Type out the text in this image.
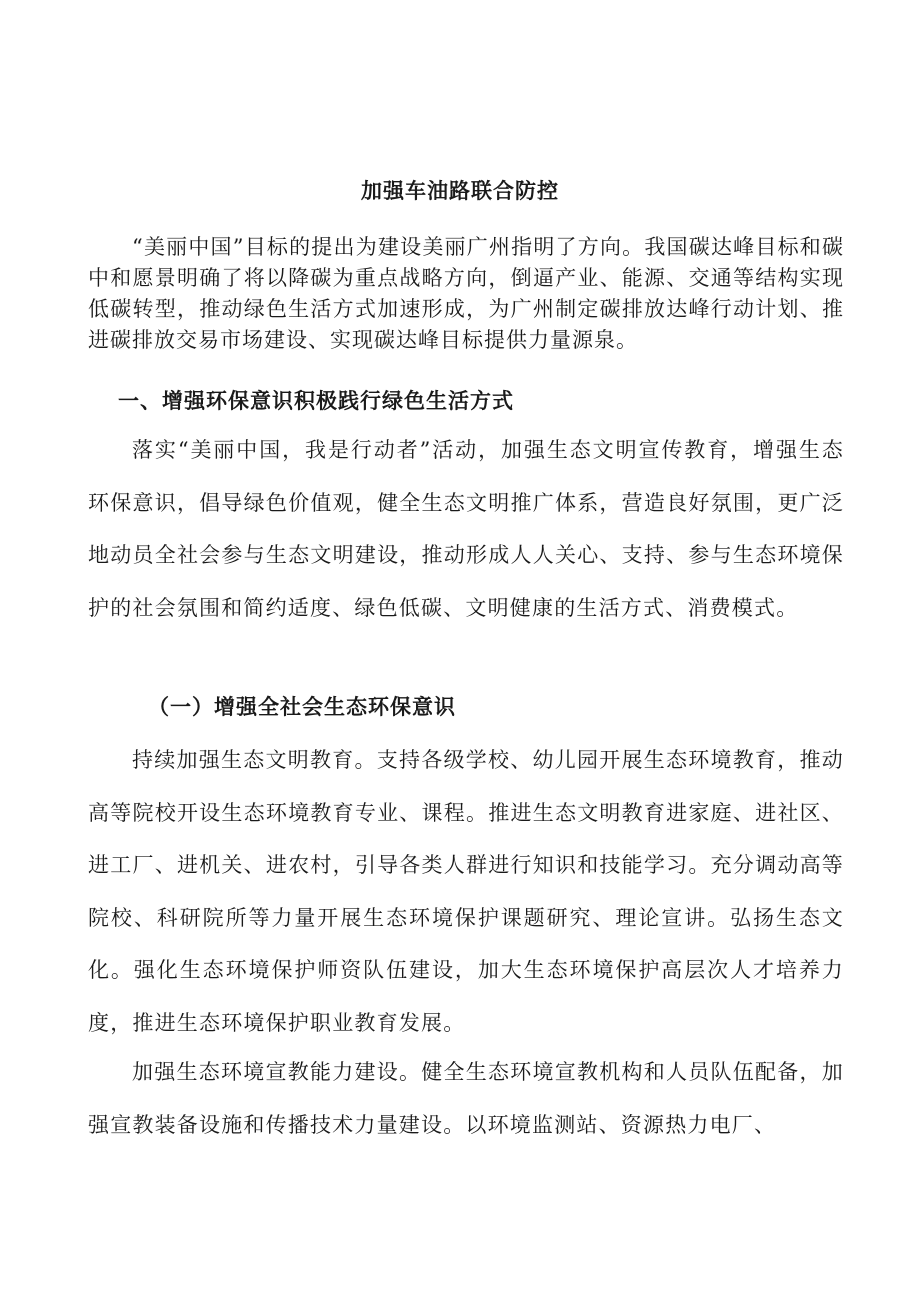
加强车油路联合防控

“美丽中国”目标的提出为建设美丽广州指明了方向。我国碳达峰目标和碳中和愿景明确了将以降碳为重点战略方向，倒逼产业、能源、交通等结构实现低碳转型，推动绿色生活方式加速形成，为广州制定碳排放达峰行动计划、推进碳排放交易市场建设、实现碳达峰目标提供力量源泉。

一、增强环保意识积极践行绿色生活方式

落实“美丽中国，我是行动者”活动，加强生态文明宣传教育，增强生态环保意识，倡导绿色价值观，健全生态文明推广体系，营造良好氛围，更广泛地动员全社会参与生态文明建设，推动形成人人关心、支持、参与生态环境保护的社会氛围和简约适度、绿色低碳、文明健康的生活方式、消费模式。

（一）增强全社会生态环保意识

持续加强生态文明教育。支持各级学校、幼儿园开展生态环境教育，推动高等院校开设生态环境教育专业、课程。推进生态文明教育进家庭、进社区、进工厂、进机关、进农村，引导各类人群进行知识和技能学习。充分调动高等院校、科研院所等力量开展生态环境保护课题研究、理论宣讲。弘扬生态文化。强化生态环境保护师资队伍建设，加大生态环境保护高层次人才培养力度，推进生态环境保护职业教育发展。

加强生态环境宣教能力建设。健全生态环境宣教机构和人员队伍配备，加强宣教装备设施和传播技术力量建设。以环境监测站、资源热力电厂、
